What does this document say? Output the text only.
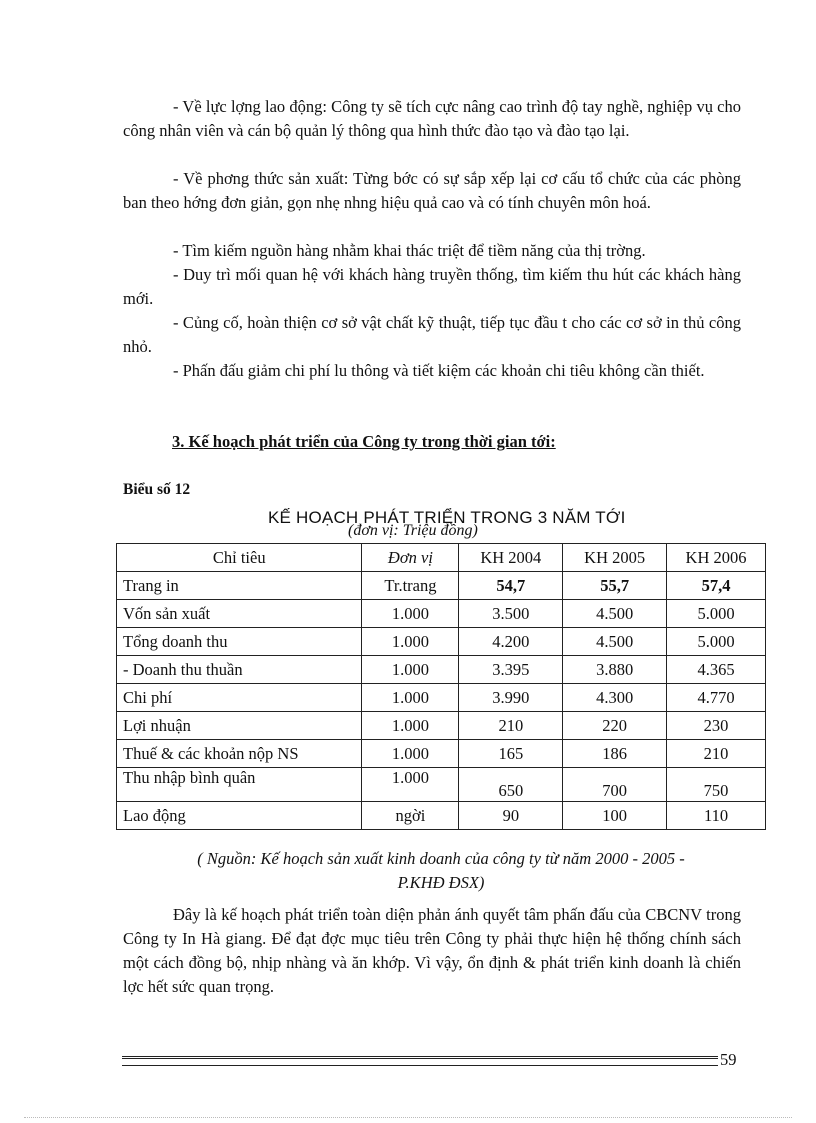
- Về lực lợng lao động: Công ty sẽ tích cực nâng cao trình độ tay nghề, nghiệp vụ cho công nhân viên và cán bộ quản lý thông qua hình thức đào tạo và đào tạo lại.

- Về phơng thức sản xuất: Từng bớc có sự sắp xếp lại cơ cấu tổ chức của các phòng ban theo hớng đơn giản, gọn nhẹ nhng hiệu quả cao và có tính chuyên môn hoá.

- Tìm kiếm nguồn hàng nhằm khai thác triệt để tiềm năng của thị trờng.

- Duy trì mối quan hệ với khách hàng truyền thống, tìm kiếm thu hút các khách hàng mới.

- Củng cố, hoàn thiện cơ sở vật chất kỹ thuật, tiếp tục đầu t cho các cơ sở in thủ công nhỏ.

- Phấn đấu giảm chi phí lu thông và tiết kiệm các khoản chi tiêu không cần thiết.

3. Kế hoạch phát triển của Công ty trong thời gian tới:

Biểu số 12

KẾ HOẠCH PHÁT TRIỂN TRONG 3 NĂM TỚI

(đơn vị: Triệu đồng)

Chỉ tiêu	Đơn vị	KH 2004	KH 2005	KH 2006
Trang in	Tr.trang	54,7	55,7	57,4
Vốn sản xuất	1.000	3.500	4.500	5.000
Tổng doanh thu	1.000	4.200	4.500	5.000
- Doanh thu thuần	1.000	3.395	3.880	4.365
Chi phí	1.000	3.990	4.300	4.770
Lợi nhuận	1.000	210	220	230
Thuế & các khoản nộp NS	1.000	165	186	210
Thu nhập bình quân	1.000	650	700	750
Lao động	ngời	90	100	110

( Nguồn: Kế hoạch sản xuất kinh doanh của công ty từ năm 2000 - 2005 -
P.KHĐ ĐSX)

Đây là kế hoạch phát triển toàn diện phản ánh quyết tâm phấn đấu của CBCNV trong Công ty In Hà giang. Để đạt đợc mục tiêu trên Công ty phải thực hiện hệ thống chính sách một cách đồng bộ, nhịp nhàng và ăn khớp. Vì vậy, ổn định & phát triển kinh doanh là chiến lợc hết sức quan trọng.

59
